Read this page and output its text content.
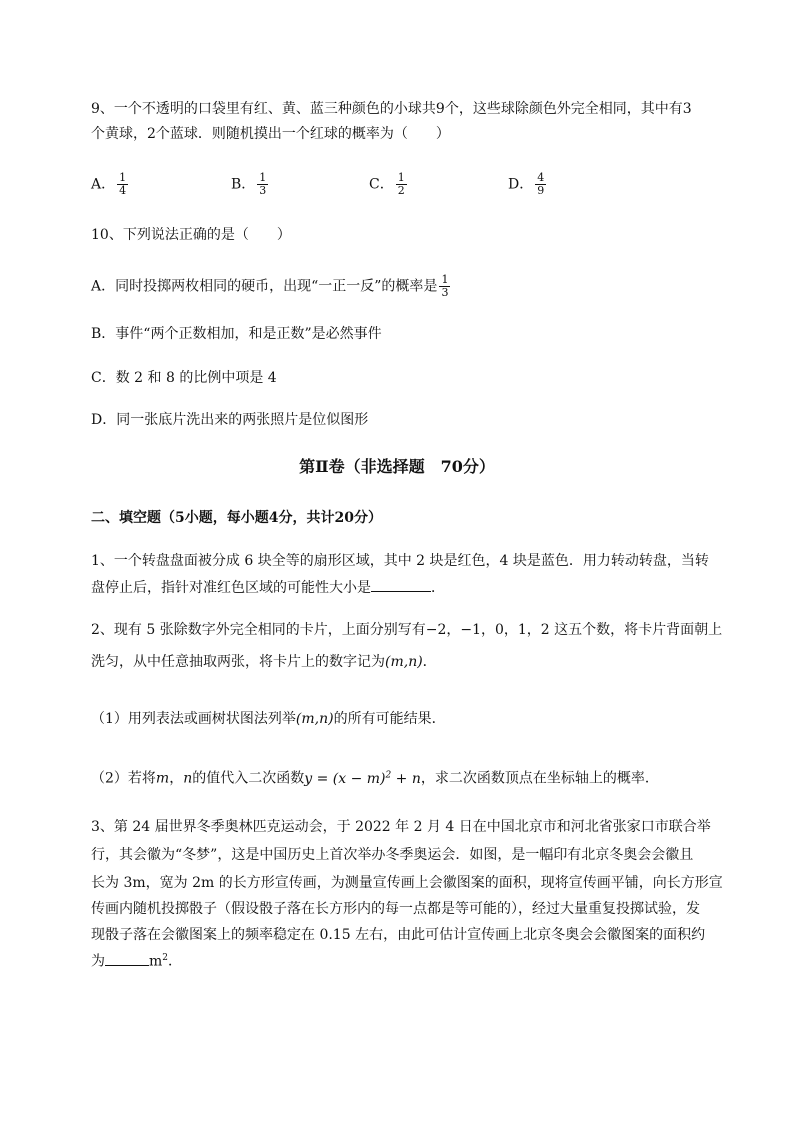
9、一个不透明的口袋里有红、黄、蓝三种颜色的小球共9个，这些球除颜色外完全相同，其中有3
个黄球，2个蓝球．则随机摸出一个红球的概率为（　　）
A． $\frac{1}{4}$	B． $\frac{1}{3}$	C． $\frac{1}{2}$	D． $\frac{4}{9}$
10、下列说法正确的是（　　）
A．同时投掷两枚相同的硬币，出现“一正一反”的概率是 $\frac{1}{3}$
B．事件“两个正数相加，和是正数”是必然事件
C．数 2 和 8 的比例中项是 4
D．同一张底片洗出来的两张照片是位似图形
第Ⅱ卷（非选择题　70分）
二、填空题（5小题，每小题4分，共计20分）
1、一个转盘盘面被分成 6 块全等的扇形区域，其中 2 块是红色，4 块是蓝色．用力转动转盘，当转
盘停止后，指针对准红色区域的可能性大小是	．
2、现有 5 张除数字外完全相同的卡片，上面分别写有−2，−1，0，1，2 这五个数，将卡片背面朝上
洗匀，从中任意抽取两张，将卡片上的数字记为(m,n)．
（1）用列表法或画树状图法列举(m,n)的所有可能结果．
（2）若将m，n的值代入二次函数$y = (x - m)^2 + n$，求二次函数顶点在坐标轴上的概率．
3、第 24 届世界冬季奥林匹克运动会，于 2022 年 2 月 4 日在中国北京市和河北省张家口市联合举
行，其会徽为“冬梦”，这是中国历史上首次举办冬季奥运会．如图，是一幅印有北京冬奥会会徽且
长为 3m，宽为 2m 的长方形宣传画，为测量宣传画上会徽图案的面积，现将宣传画平铺，向长方形宣
传画内随机投掷骰子（假设骰子落在长方形内的每一点都是等可能的），经过大量重复投掷试验，发
现骰子落在会徽图案上的频率稳定在 0.15 左右，由此可估计宣传画上北京冬奥会会徽图案的面积约
为	$m^2$．
